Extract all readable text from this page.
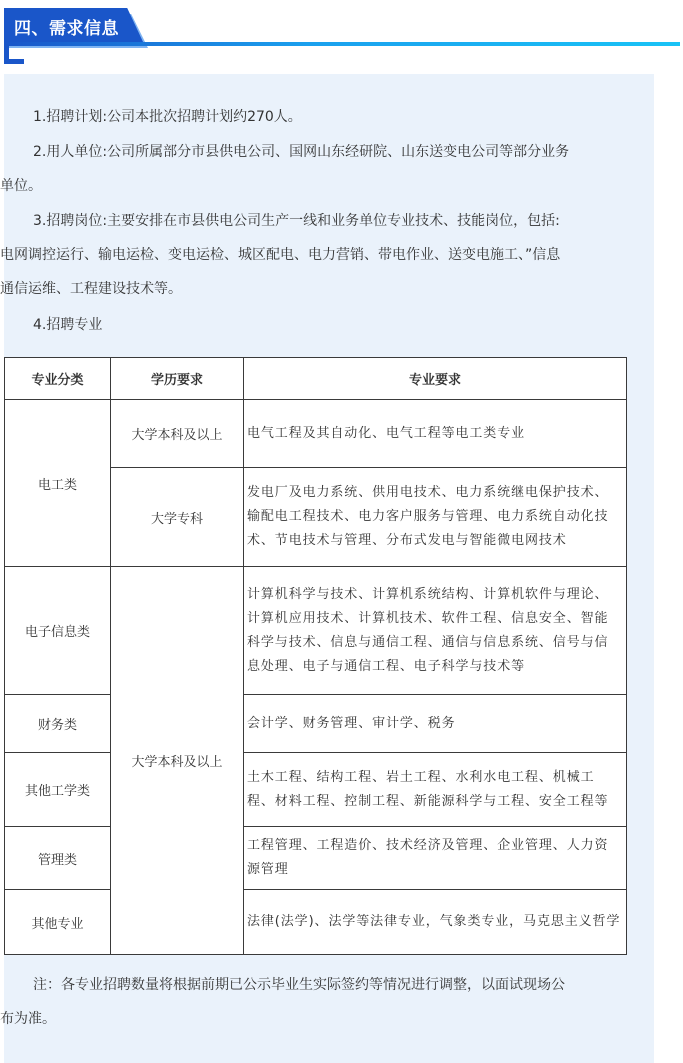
四、需求信息
1.招聘计划:公司本批次招聘计划约270人。
2.用人单位:公司所属部分市县供电公司、国网山东经研院、山东送变电公司等部分业务
单位。
3.招聘岗位:主要安排在市县供电公司生产一线和业务单位专业技术、技能岗位，包括:
电网调控运行、输电运检、变电运检、城区配电、电力营销、带电作业、送变电施工、”信息
通信运维、工程建设技术等。
4.招聘专业
专业分类	学历要求	专业要求
电工类	大学本科及以上	电气工程及其自动化、电气工程等电工类专业
	大学专科	发电厂及电力系统、供用电技术、电力系统继电保护技术、输配电工程技术、电力客户服务与管理、电力系统自动化技术、节电技术与管理、分布式发电与智能微电网技术
电子信息类	大学本科及以上	计算机科学与技术、计算机系统结构、计算机软件与理论、计算机应用技术、计算机技术、软件工程、信息安全、智能科学与技术、信息与通信工程、通信与信息系统、信号与信息处理、电子与通信工程、电子科学与技术等
财务类		会计学、财务管理、审计学、税务
其他工学类		土木工程、结构工程、岩土工程、水利水电工程、机械工程、材料工程、控制工程、新能源科学与工程、安全工程等
管理类		工程管理、工程造价、技术经济及管理、企业管理、人力资源管理
其他专业		法律(法学)、法学等法律专业，气象类专业，马克思主义哲学
注：各专业招聘数量将根据前期已公示毕业生实际签约等情况进行调整，以面试现场公
布为准。
